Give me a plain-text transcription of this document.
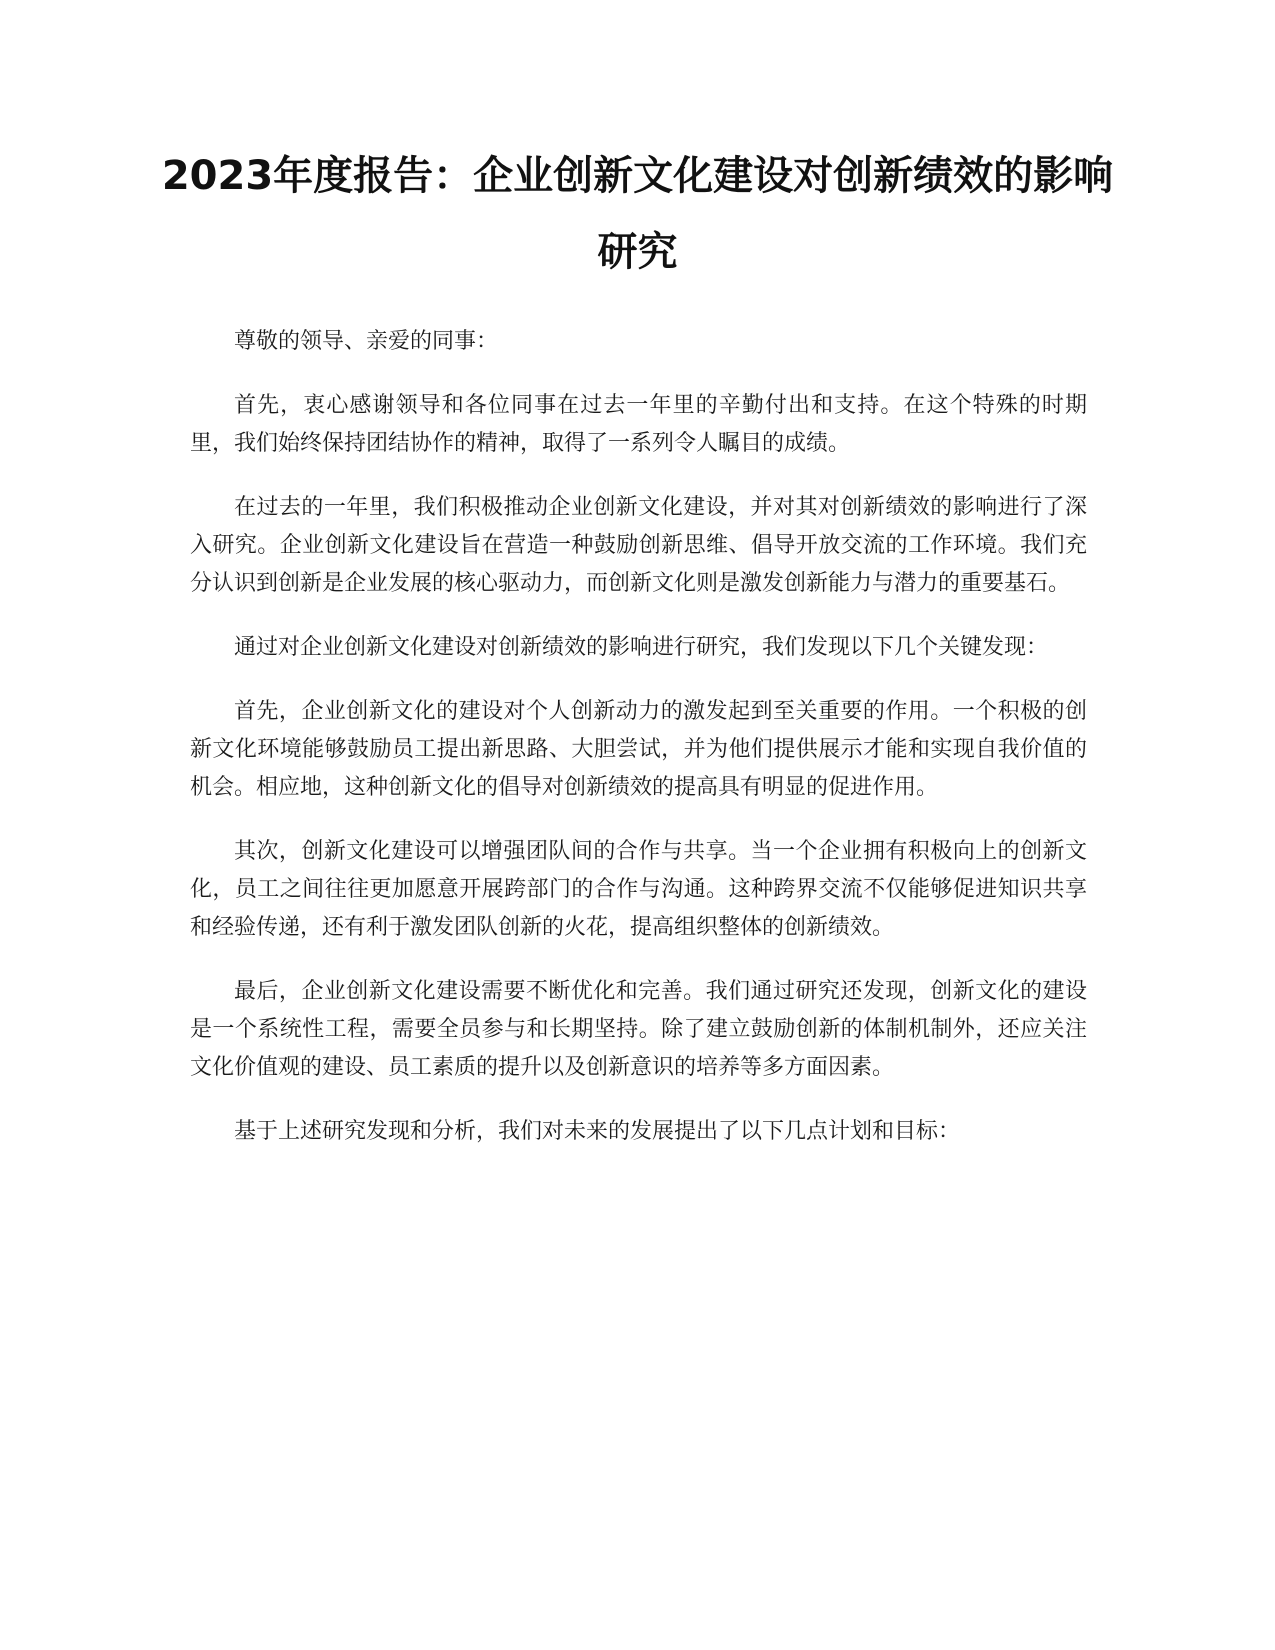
2023年度报告：企业创新文化建设对创新绩效的影响研究

尊敬的领导、亲爱的同事：

首先，衷心感谢领导和各位同事在过去一年里的辛勤付出和支持。在这个特殊的时期里，我们始终保持团结协作的精神，取得了一系列令人瞩目的成绩。

在过去的一年里，我们积极推动企业创新文化建设，并对其对创新绩效的影响进行了深入研究。企业创新文化建设旨在营造一种鼓励创新思维、倡导开放交流的工作环境。我们充分认识到创新是企业发展的核心驱动力，而创新文化则是激发创新能力与潜力的重要基石。

通过对企业创新文化建设对创新绩效的影响进行研究，我们发现以下几个关键发现：

首先，企业创新文化的建设对个人创新动力的激发起到至关重要的作用。一个积极的创新文化环境能够鼓励员工提出新思路、大胆尝试，并为他们提供展示才能和实现自我价值的机会。相应地，这种创新文化的倡导对创新绩效的提高具有明显的促进作用。

其次，创新文化建设可以增强团队间的合作与共享。当一个企业拥有积极向上的创新文化，员工之间往往更加愿意开展跨部门的合作与沟通。这种跨界交流不仅能够促进知识共享和经验传递，还有利于激发团队创新的火花，提高组织整体的创新绩效。

最后，企业创新文化建设需要不断优化和完善。我们通过研究还发现，创新文化的建设是一个系统性工程，需要全员参与和长期坚持。除了建立鼓励创新的体制机制外，还应关注文化价值观的建设、员工素质的提升以及创新意识的培养等多方面因素。

基于上述研究发现和分析，我们对未来的发展提出了以下几点计划和目标：
